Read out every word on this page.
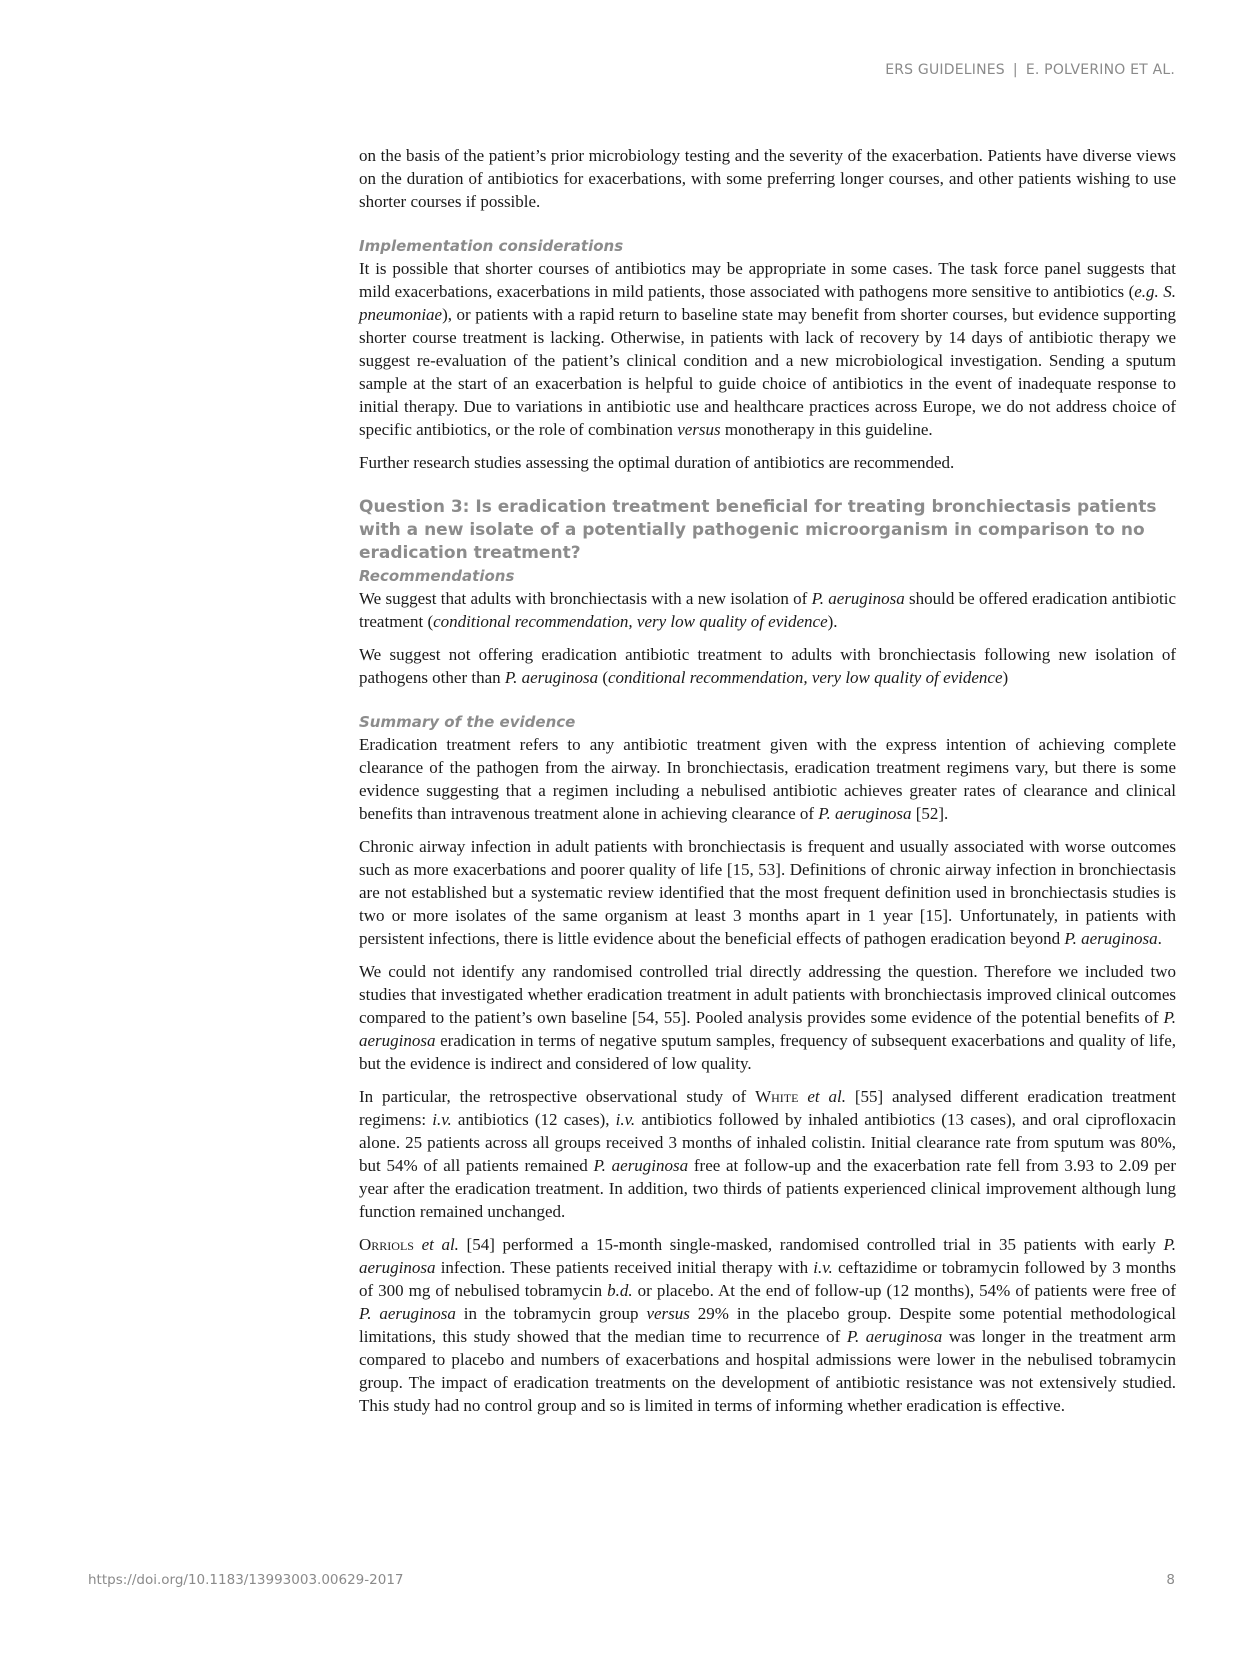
ERS GUIDELINES | E. POLVERINO ET AL.

on the basis of the patient’s prior microbiology testing and the severity of the exacerbation. Patients have diverse views on the duration of antibiotics for exacerbations, with some preferring longer courses, and other patients wishing to use shorter courses if possible.

Implementation considerations

It is possible that shorter courses of antibiotics may be appropriate in some cases. The task force panel suggests that mild exacerbations, exacerbations in mild patients, those associated with pathogens more sensitive to antibiotics (e.g. S. pneumoniae), or patients with a rapid return to baseline state may benefit from shorter courses, but evidence supporting shorter course treatment is lacking. Otherwise, in patients with lack of recovery by 14 days of antibiotic therapy we suggest re-evaluation of the patient’s clinical condition and a new microbiological investigation. Sending a sputum sample at the start of an exacerbation is helpful to guide choice of antibiotics in the event of inadequate response to initial therapy. Due to variations in antibiotic use and healthcare practices across Europe, we do not address choice of specific antibiotics, or the role of combination versus monotherapy in this guideline.

Further research studies assessing the optimal duration of antibiotics are recommended.

Question 3: Is eradication treatment beneficial for treating bronchiectasis patients with a new isolate of a potentially pathogenic microorganism in comparison to no eradication treatment?
Recommendations

We suggest that adults with bronchiectasis with a new isolation of P. aeruginosa should be offered eradication antibiotic treatment (conditional recommendation, very low quality of evidence).

We suggest not offering eradication antibiotic treatment to adults with bronchiectasis following new isolation of pathogens other than P. aeruginosa (conditional recommendation, very low quality of evidence)

Summary of the evidence

Eradication treatment refers to any antibiotic treatment given with the express intention of achieving complete clearance of the pathogen from the airway. In bronchiectasis, eradication treatment regimens vary, but there is some evidence suggesting that a regimen including a nebulised antibiotic achieves greater rates of clearance and clinical benefits than intravenous treatment alone in achieving clearance of P. aeruginosa [52].

Chronic airway infection in adult patients with bronchiectasis is frequent and usually associated with worse outcomes such as more exacerbations and poorer quality of life [15, 53]. Definitions of chronic airway infection in bronchiectasis are not established but a systematic review identified that the most frequent definition used in bronchiectasis studies is two or more isolates of the same organism at least 3 months apart in 1 year [15]. Unfortunately, in patients with persistent infections, there is little evidence about the beneficial effects of pathogen eradication beyond P. aeruginosa.

We could not identify any randomised controlled trial directly addressing the question. Therefore we included two studies that investigated whether eradication treatment in adult patients with bronchiectasis improved clinical outcomes compared to the patient’s own baseline [54, 55]. Pooled analysis provides some evidence of the potential benefits of P. aeruginosa eradication in terms of negative sputum samples, frequency of subsequent exacerbations and quality of life, but the evidence is indirect and considered of low quality.

In particular, the retrospective observational study of White et al. [55] analysed different eradication treatment regimens: i.v. antibiotics (12 cases), i.v. antibiotics followed by inhaled antibiotics (13 cases), and oral ciprofloxacin alone. 25 patients across all groups received 3 months of inhaled colistin. Initial clearance rate from sputum was 80%, but 54% of all patients remained P. aeruginosa free at follow-up and the exacerbation rate fell from 3.93 to 2.09 per year after the eradication treatment. In addition, two thirds of patients experienced clinical improvement although lung function remained unchanged.

Orriols et al. [54] performed a 15-month single-masked, randomised controlled trial in 35 patients with early P. aeruginosa infection. These patients received initial therapy with i.v. ceftazidime or tobramycin followed by 3 months of 300 mg of nebulised tobramycin b.d. or placebo. At the end of follow-up (12 months), 54% of patients were free of P. aeruginosa in the tobramycin group versus 29% in the placebo group. Despite some potential methodological limitations, this study showed that the median time to recurrence of P. aeruginosa was longer in the treatment arm compared to placebo and numbers of exacerbations and hospital admissions were lower in the nebulised tobramycin group. The impact of eradication treatments on the development of antibiotic resistance was not extensively studied. This study had no control group and so is limited in terms of informing whether eradication is effective.

https://doi.org/10.1183/13993003.00629-2017	8
